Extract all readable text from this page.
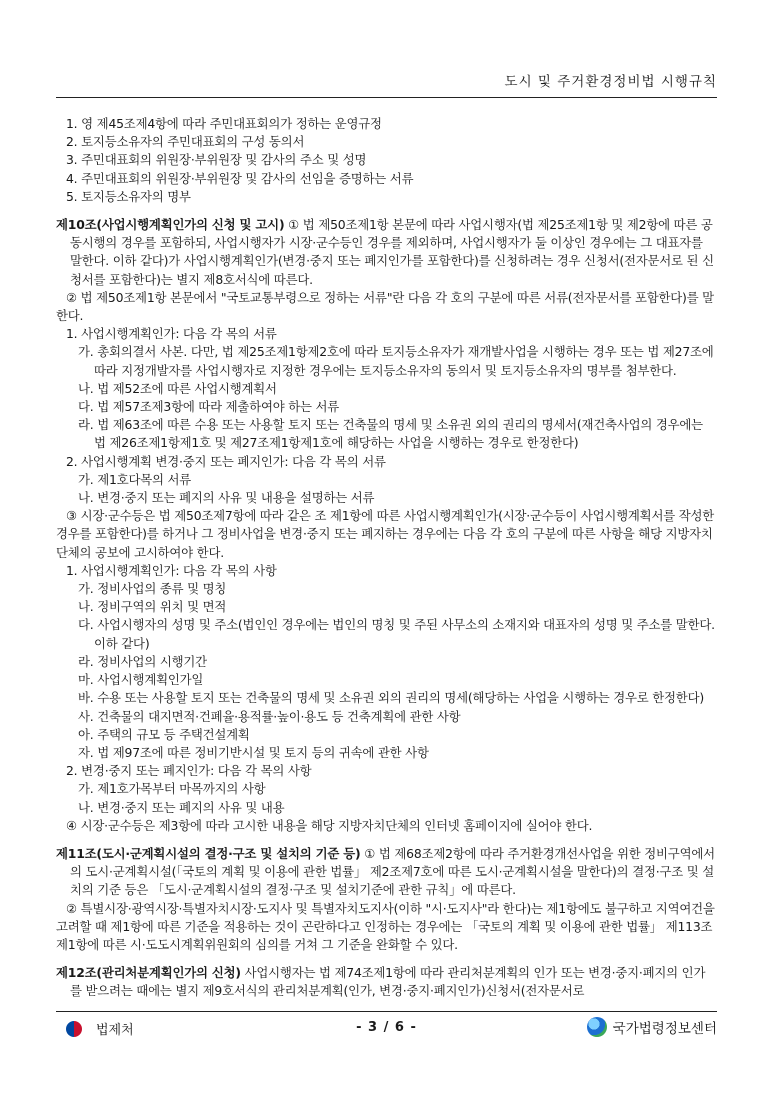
도시 및 주거환경정비법 시행규칙

1. 영 제45조제4항에 따라 주민대표회의가 정하는 운영규정

2. 토지등소유자의 주민대표회의 구성 동의서

3. 주민대표회의 위원장·부위원장 및 감사의 주소 및 성명

4. 주민대표회의 위원장·부위원장 및 감사의 선임을 증명하는 서류

5. 토지등소유자의 명부

제10조(사업시행계획인가의 신청 및 고시) ① 법 제50조제1항 본문에 따라 사업시행자(법 제25조제1항 및 제2항에 따른 공동시행의 경우를 포함하되, 사업시행자가 시장·군수등인 경우를 제외하며, 사업시행자가 둘 이상인 경우에는 그 대표자를 말한다. 이하 같다)가 사업시행계획인가(변경·중지 또는 폐지인가를 포함한다)를 신청하려는 경우 신청서(전자문서로 된 신청서를 포함한다)는 별지 제8호서식에 따른다.

② 법 제50조제1항 본문에서 "국토교통부령으로 정하는 서류"란 다음 각 호의 구분에 따른 서류(전자문서를 포함한다)를 말한다.

1. 사업시행계획인가: 다음 각 목의 서류

가. 총회의결서 사본. 다만, 법 제25조제1항제2호에 따라 토지등소유자가 재개발사업을 시행하는 경우 또는 법 제27조에 따라 지정개발자를 사업시행자로 지정한 경우에는 토지등소유자의 동의서 및 토지등소유자의 명부를 첨부한다.

나. 법 제52조에 따른 사업시행계획서

다. 법 제57조제3항에 따라 제출하여야 하는 서류

라. 법 제63조에 따른 수용 또는 사용할 토지 또는 건축물의 명세 및 소유권 외의 권리의 명세서(재건축사업의 경우에는 법 제26조제1항제1호 및 제27조제1항제1호에 해당하는 사업을 시행하는 경우로 한정한다)

2. 사업시행계획 변경·중지 또는 폐지인가: 다음 각 목의 서류

가. 제1호다목의 서류

나. 변경·중지 또는 폐지의 사유 및 내용을 설명하는 서류

③ 시장·군수등은 법 제50조제7항에 따라 같은 조 제1항에 따른 사업시행계획인가(시장·군수등이 사업시행계획서를 작성한 경우를 포함한다)를 하거나 그 정비사업을 변경·중지 또는 폐지하는 경우에는 다음 각 호의 구분에 따른 사항을 해당 지방자치단체의 공보에 고시하여야 한다.

1. 사업시행계획인가: 다음 각 목의 사항

가. 정비사업의 종류 및 명칭

나. 정비구역의 위치 및 면적

다. 사업시행자의 성명 및 주소(법인인 경우에는 법인의 명칭 및 주된 사무소의 소재지와 대표자의 성명 및 주소를 말한다. 이하 같다)

라. 정비사업의 시행기간

마. 사업시행계획인가일

바. 수용 또는 사용할 토지 또는 건축물의 명세 및 소유권 외의 권리의 명세(해당하는 사업을 시행하는 경우로 한정한다)

사. 건축물의 대지면적·건폐율·용적률·높이·용도 등 건축계획에 관한 사항

아. 주택의 규모 등 주택건설계획

자. 법 제97조에 따른 정비기반시설 및 토지 등의 귀속에 관한 사항

2. 변경·중지 또는 폐지인가: 다음 각 목의 사항

가. 제1호가목부터 마목까지의 사항

나. 변경·중지 또는 폐지의 사유 및 내용

④ 시장·군수등은 제3항에 따라 고시한 내용을 해당 지방자치단체의 인터넷 홈페이지에 실어야 한다.

제11조(도시·군계획시설의 결정·구조 및 설치의 기준 등) ① 법 제68조제2항에 따라 주거환경개선사업을 위한 정비구역에서의 도시·군계획시설(「국토의 계획 및 이용에 관한 법률」 제2조제7호에 따른 도시·군계획시설을 말한다)의 결정·구조 및 설치의 기준 등은 「도시·군계획시설의 결정·구조 및 설치기준에 관한 규칙」에 따른다.

② 특별시장·광역시장·특별자치시장·도지사 및 특별자치도지사(이하 "시·도지사"라 한다)는 제1항에도 불구하고 지역여건을 고려할 때 제1항에 따른 기준을 적용하는 것이 곤란하다고 인정하는 경우에는 「국토의 계획 및 이용에 관한 법률」 제113조제1항에 따른 시·도도시계획위원회의 심의를 거쳐 그 기준을 완화할 수 있다.

제12조(관리처분계획인가의 신청) 사업시행자는 법 제74조제1항에 따라 관리처분계획의 인가 또는 변경·중지·폐지의 인가를 받으려는 때에는 별지 제9호서식의 관리처분계획(인가, 변경·중지·폐지인가)신청서(전자문서로

법제처	- 3 / 6 -	국가법령정보센터
